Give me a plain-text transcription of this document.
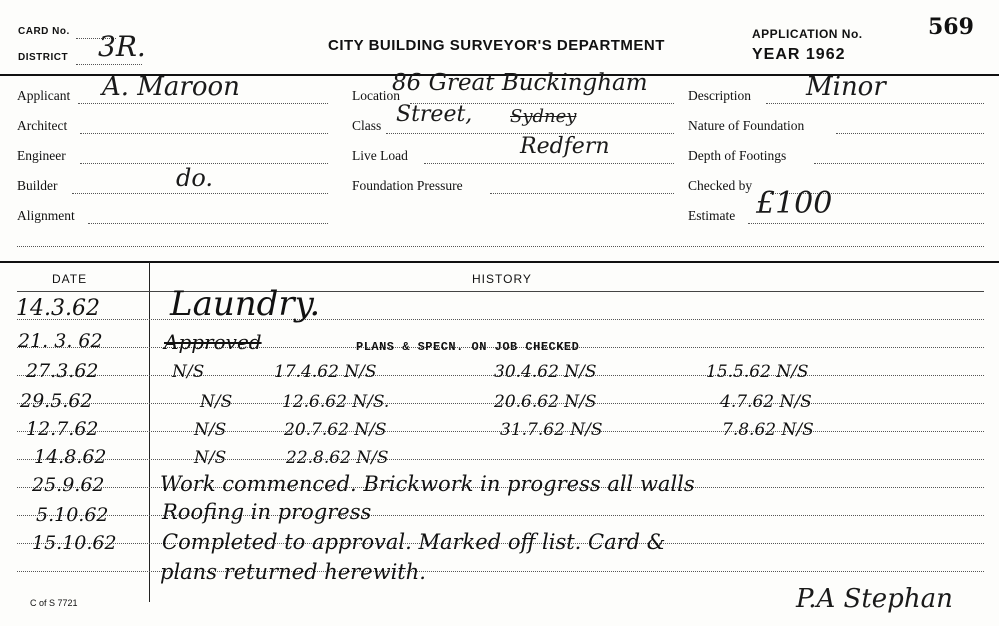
CARD No.
DISTRICT 3R.	CITY BUILDING SURVEYOR'S DEPARTMENT
APPLICATION No.
YEAR 1962
569
Applicant A. Maroon
Architect
Engineer
Builder	do.
Alignment
Location
86 Great Buckingham
Class Street, Sydney
Live Load	Redfern
Foundation Pressure
Description Minor
Nature of Foundation
Depth of Footings
Checked by
Estimate £100
DATE	HISTORY
14.3.62 Laundry.
21. 3. 62	Approved	PLANS & SPECN. ON JOB CHECKED
27.3.62	N/S	17.4.62 N/S	30.4.62 N/S	15.5.62 N/S
29.5.62	N/S	12.6.62 N/S.	20.6.62 N/S	4.7.62 N/S
12.7.62	N/S	20.7.62 N/S	31.7.62 N/S	7.8.62 N/S
14.8.62	N/S	22.8.62 N/S
25.9.62	Work commenced. Brickwork in progress all walls
5.10.62	Roofing in progress
15.10.62 Completed to approval. Marked off list. Card &
plans returned herewith.
P.A Stephan
C of S 7721
